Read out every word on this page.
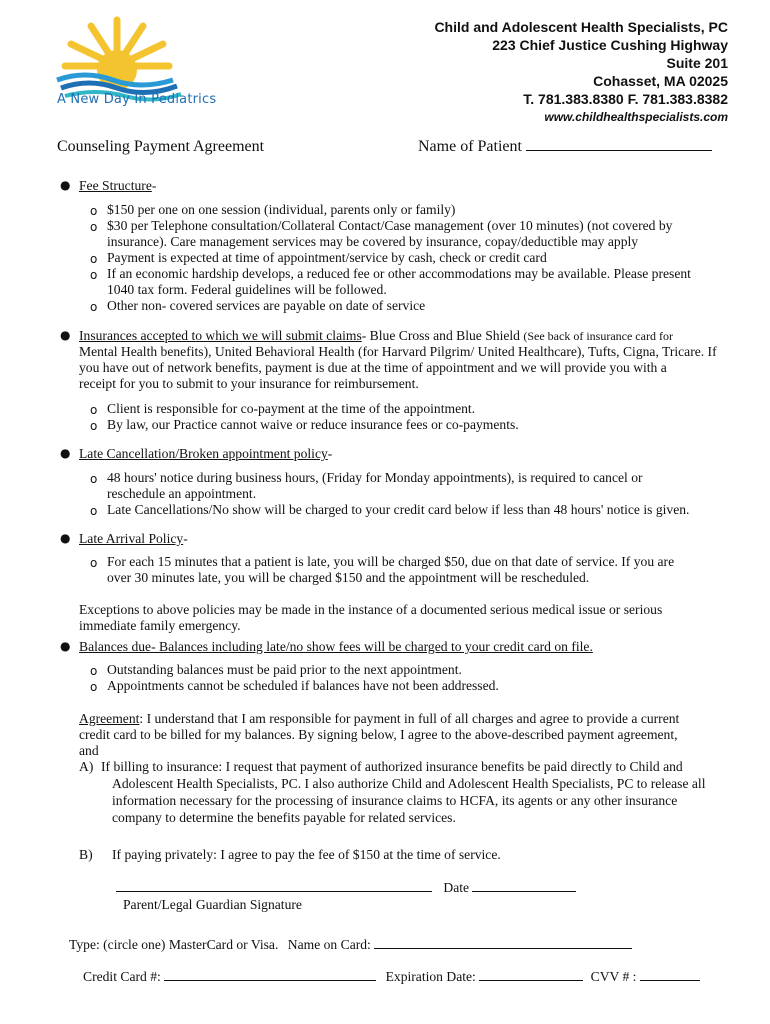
A New Day In Pediatrics
Child and Adolescent Health Specialists, PC
223 Chief Justice Cushing Highway
Suite 201
Cohasset, MA 02025
T. 781.383.8380 F. 781.383.8382
www.childhealthspecialists.com
Counseling Payment Agreement	Name of Patient
● Fee Structure-
o $150 per one on one session (individual, parents only or family)
o $30 per Telephone consultation/Collateral Contact/Case management (over 10 minutes) (not covered by
insurance). Care management services may be covered by insurance, copay/deductible may apply
o Payment is expected at time of appointment/service by cash, check or credit card
o If an economic hardship develops, a reduced fee or other accommodations may be available. Please present
1040 tax form. Federal guidelines will be followed.
o Other non- covered services are payable on date of service
● Insurances accepted to which we will submit claims- Blue Cross and Blue Shield (See back of insurance card for
Mental Health benefits), United Behavioral Health (for Harvard Pilgrim/ United Healthcare), Tufts, Cigna, Tricare. If
you have out of network benefits, payment is due at the time of appointment and we will provide you with a
receipt for you to submit to your insurance for reimbursement.
o Client is responsible for co-payment at the time of the appointment.
o By law, our Practice cannot waive or reduce insurance fees or co-payments.
● Late Cancellation/Broken appointment policy-
o 48 hours' notice during business hours, (Friday for Monday appointments), is required to cancel or
reschedule an appointment.
o Late Cancellations/No show will be charged to your credit card below if less than 48 hours' notice is given.
● Late Arrival Policy-
o For each 15 minutes that a patient is late, you will be charged $50, due on that date of service. If you are
over 30 minutes late, you will be charged $150 and the appointment will be rescheduled.
Exceptions to above policies may be made in the instance of a documented serious medical issue or serious
immediate family emergency.
● Balances due- Balances including late/no show fees will be charged to your credit card on file.
o Outstanding balances must be paid prior to the next appointment.
o Appointments cannot be scheduled if balances have not been addressed.
Agreement: I understand that I am responsible for payment in full of all charges and agree to provide a current
credit card to be billed for my balances. By signing below, I agree to the above-described payment agreement,
and
A) If billing to insurance: I request that payment of authorized insurance benefits be paid directly to Child and
Adolescent Health Specialists, PC. I also authorize Child and Adolescent Health Specialists, PC to release all
information necessary for the processing of insurance claims to HCFA, its agents or any other insurance
company to determine the benefits payable for related services.
B) If paying privately: I agree to pay the fee of $150 at the time of service.
Date
Parent/Legal Guardian Signature
Type: (circle one) MasterCard or Visa. Name on Card:
Credit Card #:	Expiration Date:	CVV # :
